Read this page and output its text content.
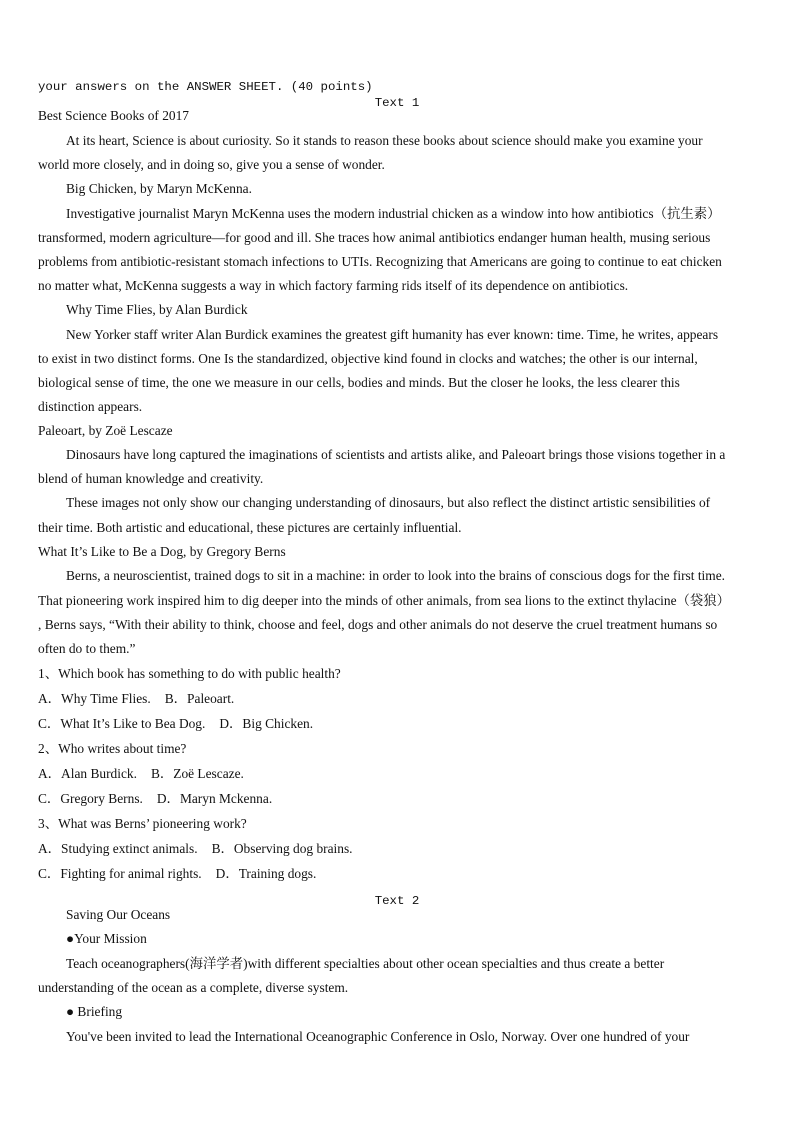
your answers on the ANSWER SHEET. (40 points)
Text 1
Best Science Books of 2017
At its heart, Science is about curiosity. So it stands to reason these books about science should make you examine your
world more closely, and in doing so, give you a sense of wonder.
Big Chicken, by Maryn McKenna.
Investigative journalist Maryn McKenna uses the modern industrial chicken as a window into how antibiotics（抗生素）
transformed, modern agriculture—for good and ill. She traces how animal antibiotics endanger human health, musing serious
problems from antibiotic-resistant stomach infections to UTIs. Recognizing that Americans are going to continue to eat chicken
no matter what, McKenna suggests a way in which factory farming rids itself of its dependence on antibiotics.
Why Time Flies, by Alan Burdick
New Yorker staff writer Alan Burdick examines the greatest gift humanity has ever known: time. Time, he writes, appears
to exist in two distinct forms. One Is the standardized, objective kind found in clocks and watches; the other is our internal,
biological sense of time, the one we measure in our cells, bodies and minds. But the closer he looks, the less clearer this
distinction appears.
Paleoart, by Zoë Lescaze
Dinosaurs have long captured the imaginations of scientists and artists alike, and Paleoart brings those visions together in a
blend of human knowledge and creativity.
These images not only show our changing understanding of dinosaurs, but also reflect the distinct artistic sensibilities of
their time. Both artistic and educational, these pictures are certainly influential.
What It’s Like to Be a Dog, by Gregory Berns
Berns, a neuroscientist, trained dogs to sit in a machine: in order to look into the brains of conscious dogs for the first time.
That pioneering work inspired him to dig deeper into the minds of other animals, from sea lions to the extinct thylacine（袋狼）
, Berns says, “With their ability to think, choose and feel, dogs and other animals do not deserve the cruel treatment humans so
often do to them.”
1、Which book has something to do with public health?
A．Why Time Flies. B．Paleoart.
C．What It’s Like to Bea Dog. D．Big Chicken.
2、Who writes about time?
A．Alan Burdick. B．Zoë Lescaze.
C．Gregory Berns. D．Maryn Mckenna.
3、What was Berns’ pioneering work?
A．Studying extinct animals. B．Observing dog brains.
C．Fighting for animal rights. D．Training dogs.
Text 2
Saving Our Oceans
●Your Mission
Teach oceanographers(海洋学者)with different specialties about other ocean specialties and thus create a better
understanding of the ocean as a complete, diverse system.
● Briefing
You've been invited to lead the International Oceanographic Conference in Oslo, Norway. Over one hundred of your
